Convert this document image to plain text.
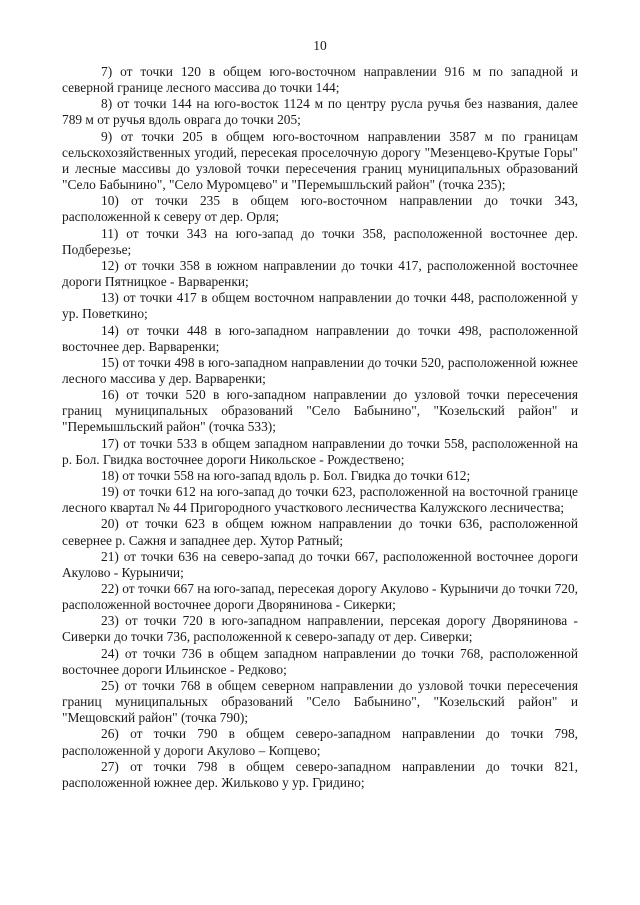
10

7) от точки 120 в общем юго-восточном направлении 916 м по западной и северной границе лесного массива до точки 144;

8) от точки 144 на юго-восток 1124 м по центру русла ручья без названия, далее 789 м от ручья вдоль оврага до точки 205;

9) от точки 205 в общем юго-восточном направлении 3587 м по границам сельскохозяйственных угодий, пересекая проселочную дорогу "Мезенцево-Крутые Горы" и лесные массивы до узловой точки пересечения границ муниципальных образований "Село Бабынино", "Село Муромцево" и "Перемышльский район" (точка 235);

10) от точки 235 в общем юго-восточном направлении до точки 343, расположенной к северу от дер. Орля;

11) от точки 343 на юго-запад до точки 358, расположенной восточнее дер. Подберезье;

12) от точки 358 в южном направлении до точки 417, расположенной восточнее дороги Пятницкое - Варваренки;

13) от точки 417 в общем восточном направлении до точки 448, расположенной у ур. Поветкино;

14) от точки 448 в юго-западном направлении до точки 498, расположенной восточнее дер. Варваренки;

15) от точки 498 в юго-западном направлении до точки 520, расположенной южнее лесного массива у дер. Варваренки;

16) от точки 520 в юго-западном направлении до узловой точки пересечения границ муниципальных образований "Село Бабынино", "Козельский район" и "Перемышльский район" (точка 533);

17) от точки 533 в общем западном направлении до точки 558, расположенной на р. Бол. Гвидка восточнее дороги Никольское - Рождествено;

18) от точки 558 на юго-запад вдоль р. Бол. Гвидка до точки 612;

19) от точки 612 на юго-запад до точки 623, расположенной на восточной границе лесного квартал № 44 Пригородного участкового лесничества Калужского лесничества;

20) от точки 623 в общем южном направлении до точки 636, расположенной севернее р. Сажня и западнее дер. Хутор Ратный;

21) от точки 636 на северо-запад до точки 667, расположенной восточнее дороги Акулово - Курыничи;

22) от точки 667 на юго-запад, пересекая дорогу Акулово - Курыничи до точки 720, расположенной восточнее дороги Дворянинова - Сикерки;

23) от точки 720 в юго-западном направлении, персекая дорогу Дворянинова - Сиверки до точки 736, расположенной к северо-западу от дер. Сиверки;

24) от точки 736 в общем западном направлении до точки 768, расположенной восточнее дороги Ильинское - Редково;

25) от точки 768 в общем северном направлении до узловой точки пересечения границ муниципальных образований "Село Бабынино", "Козельский район" и "Мещовский район" (точка 790);

26) от точки 790 в общем северо-западном направлении до точки 798, расположенной у дороги Акулово – Копцево;

27) от точки 798 в общем северо-западном направлении до точки 821, расположенной южнее дер. Жильково у ур. Гридино;
